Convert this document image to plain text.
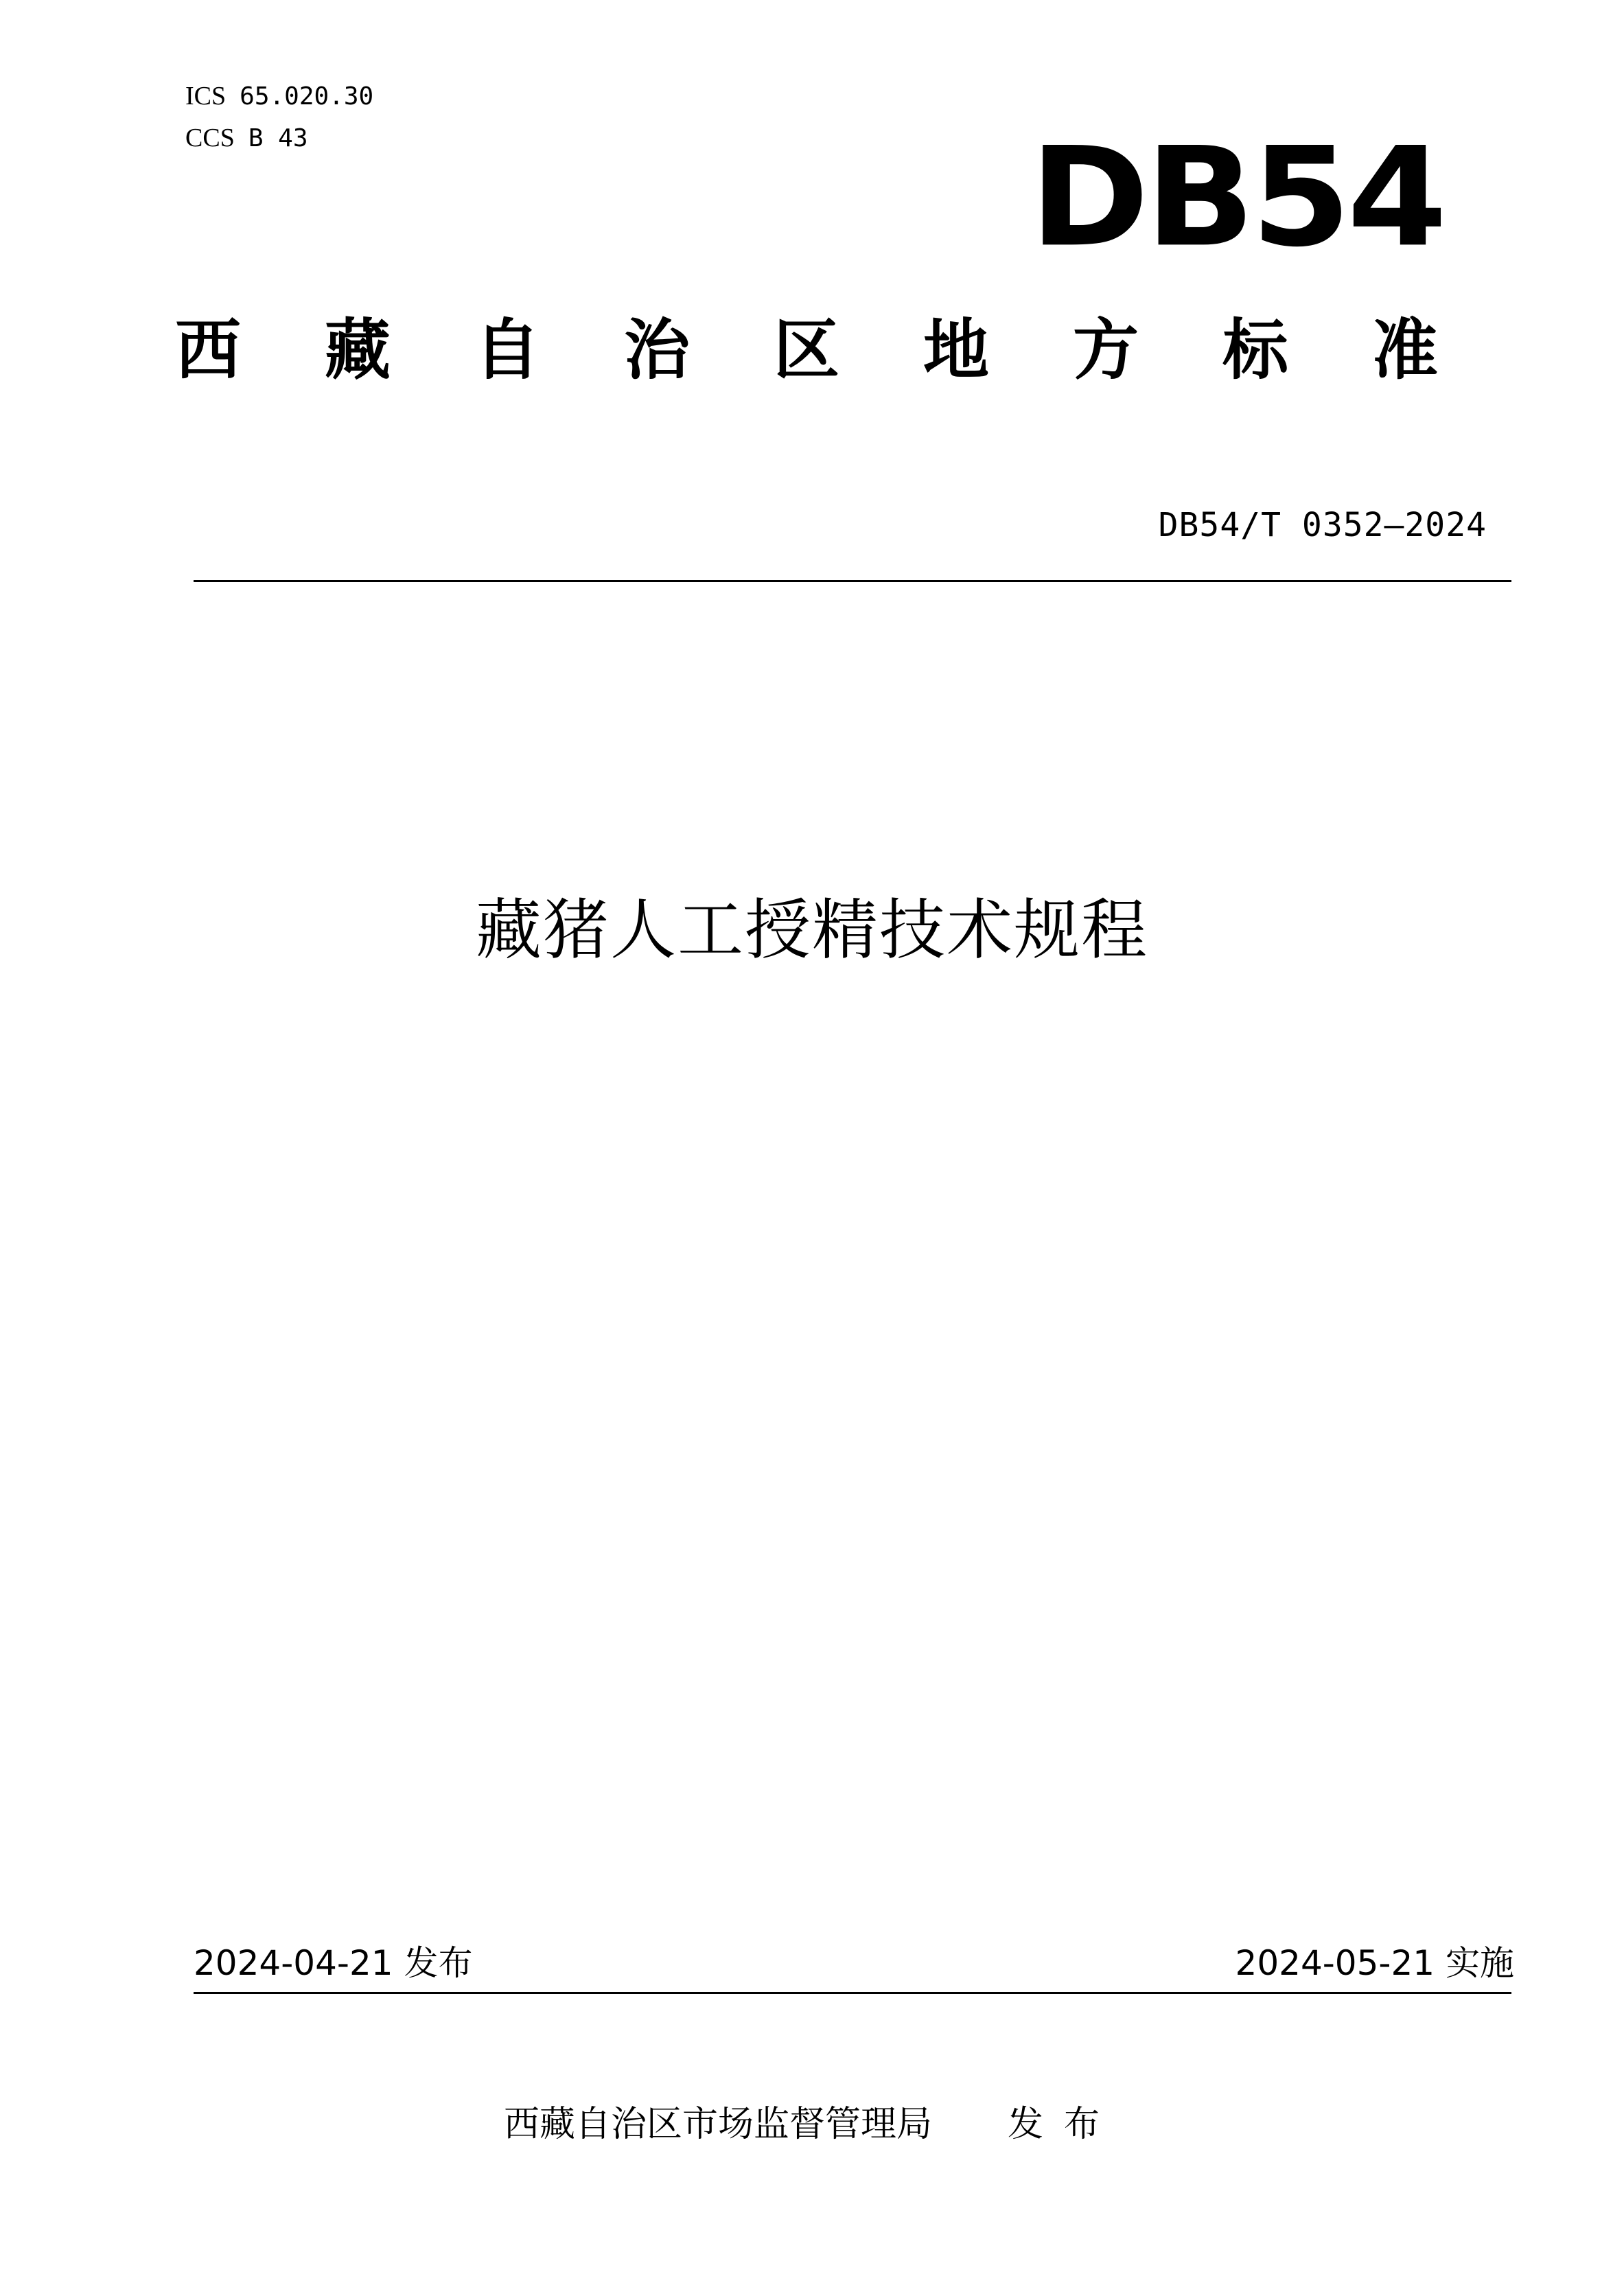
ICS 65.020.30
CCS B 43	DB54
西 藏 自 治 区 地 方 标 准
DB54/T 0352—2024
藏猪人工授精技术规程
2024-04-21 发布	2024-05-21 实施
西藏自治区市场监督管理局 发布
